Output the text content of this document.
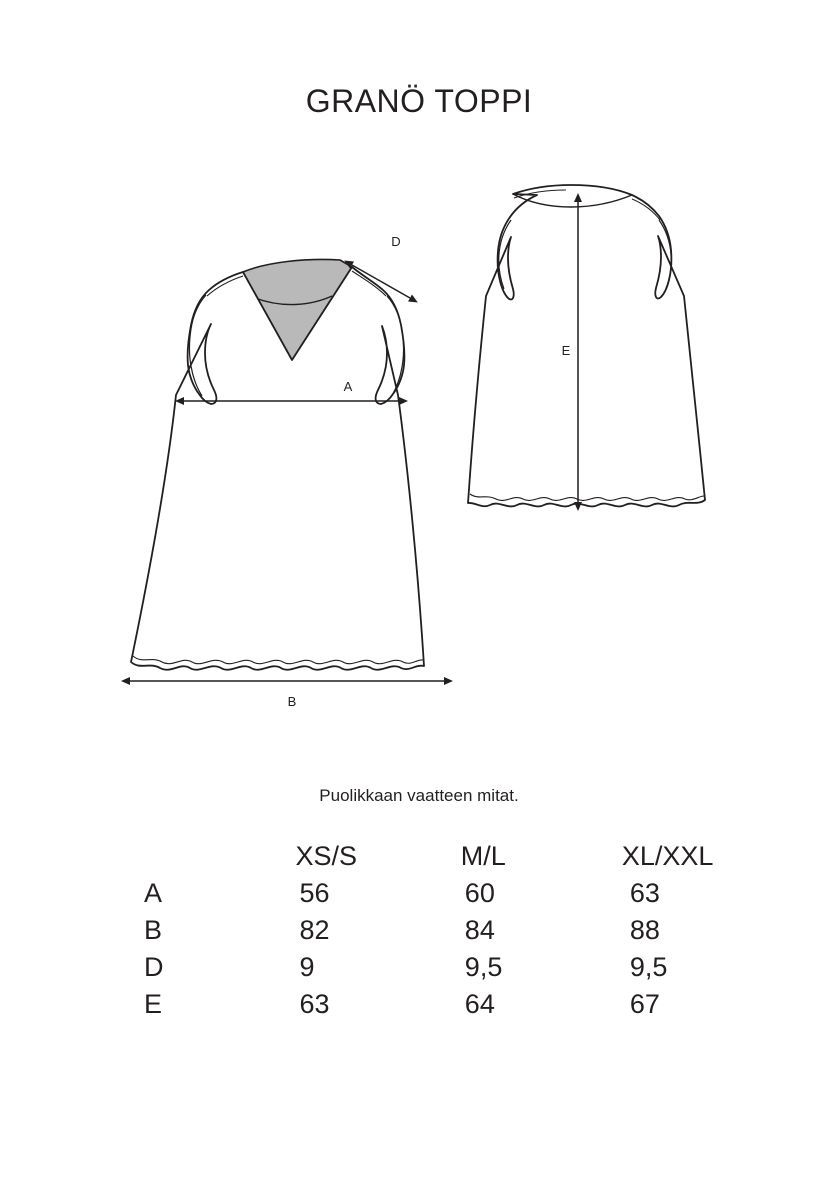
GRANÖ TOPPI
D
A
B
E
Puolikkaan vaatteen mitat.
	XS/S	M/L	XL/XXL
A	56	60	63
B	82	84	88
D	9	9,5	9,5
E	63	64	67
